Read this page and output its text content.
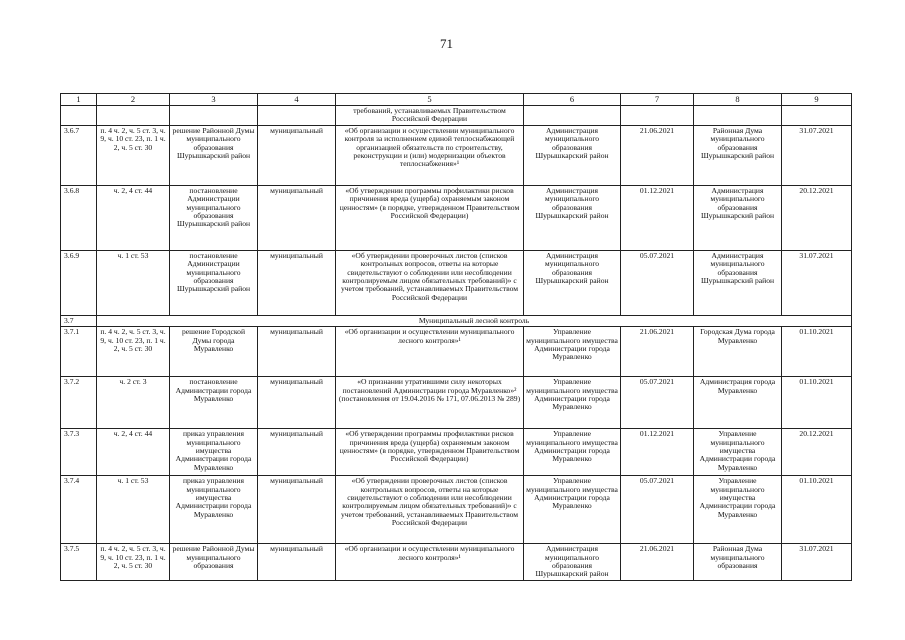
71
1	2	3	4	5	6	7	8	9
				требований, устанавливаемых Правительством Российской Федерации				
3.6.7	п. 4 ч. 2, ч. 5 ст. 3, ч. 9, ч. 10 ст. 23, п. 1 ч. 2, ч. 5 ст. 30	решение Районной Думы муниципального образования Шурышкарский район	муниципальный	«Об организации и осуществлении муниципального контроля за исполнением единой теплоснабжающей организацией обязательств по строительству, реконструкции и (или) модернизации объектов теплоснабжения»¹	Администрация муниципального образования Шурышкарский район	21.06.2021	Районная Дума муниципального образования Шурышкарский район	31.07.2021
3.6.8	ч. 2, 4 ст. 44	постановление Администрации муниципального образования Шурышкарский район	муниципальный	«Об утверждении программы профилактики рисков причинения вреда (ущерба) охраняемым законом ценностям» (в порядке, утвержденном Правительством Российской Федерации)	Администрация муниципального образования Шурышкарский район	01.12.2021	Администрация муниципального образования Шурышкарский район	20.12.2021
3.6.9	ч. 1 ст. 53	постановление Администрации муниципального образования Шурышкарский район	муниципальный	«Об утверждении проверочных листов (списков контрольных вопросов, ответы на которые свидетельствуют о соблюдении или несоблюдении контролируемым лицом обязательных требований)» с учетом требований, устанавливаемых Правительством Российской Федерации	Администрация муниципального образования Шурышкарский район	05.07.2021	Администрация муниципального образования Шурышкарский район	31.07.2021
3.7	Муниципальный лесной контроль							
3.7.1	п. 4 ч. 2, ч. 5 ст. 3, ч. 9, ч. 10 ст. 23, п. 1 ч. 2, ч. 5 ст. 30	решение Городской Думы города Муравленко	муниципальный	«Об организации и осуществлении муниципального лесного контроля»¹	Управление муниципального имущества Администрации города Муравленко	21.06.2021	Городская Дума города Муравленко	01.10.2021
3.7.2	ч. 2 ст. 3	постановление Администрации города Муравленко	муниципальный	«О признании утратившими силу некоторых постановлений Администрации города Муравленко»² (постановления от 19.04.2016 № 171, 07.06.2013 № 289)	Управление муниципального имущества Администрации города Муравленко	05.07.2021	Администрация города Муравленко	01.10.2021
3.7.3	ч. 2, 4 ст. 44	приказ управления муниципального имущества Администрации города Муравленко	муниципальный	«Об утверждении программы профилактики рисков причинения вреда (ущерба) охраняемым законом ценностям» (в порядке, утвержденном Правительством Российской Федерации)	Управление муниципального имущества Администрации города Муравленко	01.12.2021	Управление муниципального имущества Администрации города Муравленко	20.12.2021
3.7.4	ч. 1 ст. 53	приказ управления муниципального имущества Администрации города Муравленко	муниципальный	«Об утверждении проверочных листов (списков контрольных вопросов, ответы на которые свидетельствуют о соблюдении или несоблюдении контролируемым лицом обязательных требований)» с учетом требований, устанавливаемых Правительством Российской Федерации	Управление муниципального имущества Администрации города Муравленко	05.07.2021	Управление муниципального имущества Администрации города Муравленко	01.10.2021
3.7.5	п. 4 ч. 2, ч. 5 ст. 3, ч. 9, ч. 10 ст. 23, п. 1 ч. 2, ч. 5 ст. 30	решение Районной Думы муниципального образования	муниципальный	«Об организации и осуществлении муниципального лесного контроля»¹	Администрация муниципального образования Шурышкарский район	21.06.2021	Районная Дума муниципального образования	31.07.2021
